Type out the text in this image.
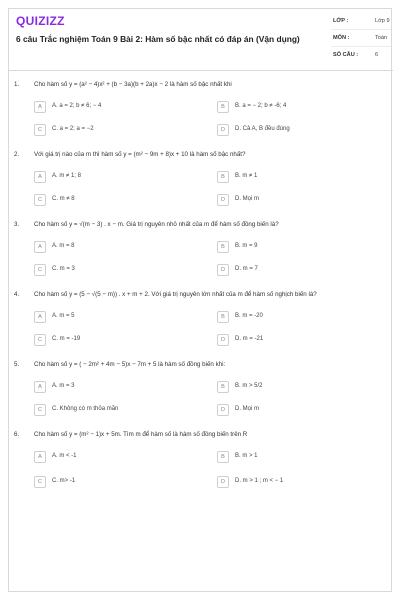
QUIZIZZ
6 câu Trắc nghiệm Toán 9 Bài 2: Hàm số bậc nhất có đáp án (Vận dụng)
LỚP :	Lớp 9
MÔN :	Toán
SỐ CÂU :	6
1. Cho hàm số y = (a² − 4)x² + (b − 3a)(b + 2a)x − 2 là hàm số bậc nhất khi
A	A. a = 2; b ≠ 6; − 4	B	B. a = − 2; b ≠ -6; 4
C	C. a = 2; a = −2	D	D. Cả A, B đều đúng
2. Với giá trị nào của m thì hàm số y = (m² − 9m + 8)x + 10 là hàm số bậc nhất?
A	A. m ≠ 1; 8	B	B. m ≠ 1
C	C. m ≠ 8	D	D. Mọi m
3. Cho hàm số y = √(m − 3) . x − m. Giá trị nguyên nhỏ nhất của m để hàm số đồng biến là?
A	A. m = 8	B	B. m = 9
C	C. m = 3	D	D. m = 7
4. Cho hàm số y = (5 − √(5 − m)) . x + m + 2. Với giá trị nguyên lớn nhất của m để hàm số nghịch biến là?
A	A. m = 5	B	B. m = -20
C	C. m = -19	D	D. m = -21
5. Cho hàm số y = ( − 2m² + 4m − 5)x − 7m + 5 là hàm số đồng biến khi:
A	A. m = 3	B	B. m > 5/2
C	C. Không có m thỏa mãn	D	D. Mọi m
6. Cho hàm số y = (m² − 1)x + 5m. Tìm m để hàm số là hàm số đồng biến trên R
A	A. m < -1	B	B. m > 1
C	C. m> -1	D	D. m > 1 ; m < − 1
